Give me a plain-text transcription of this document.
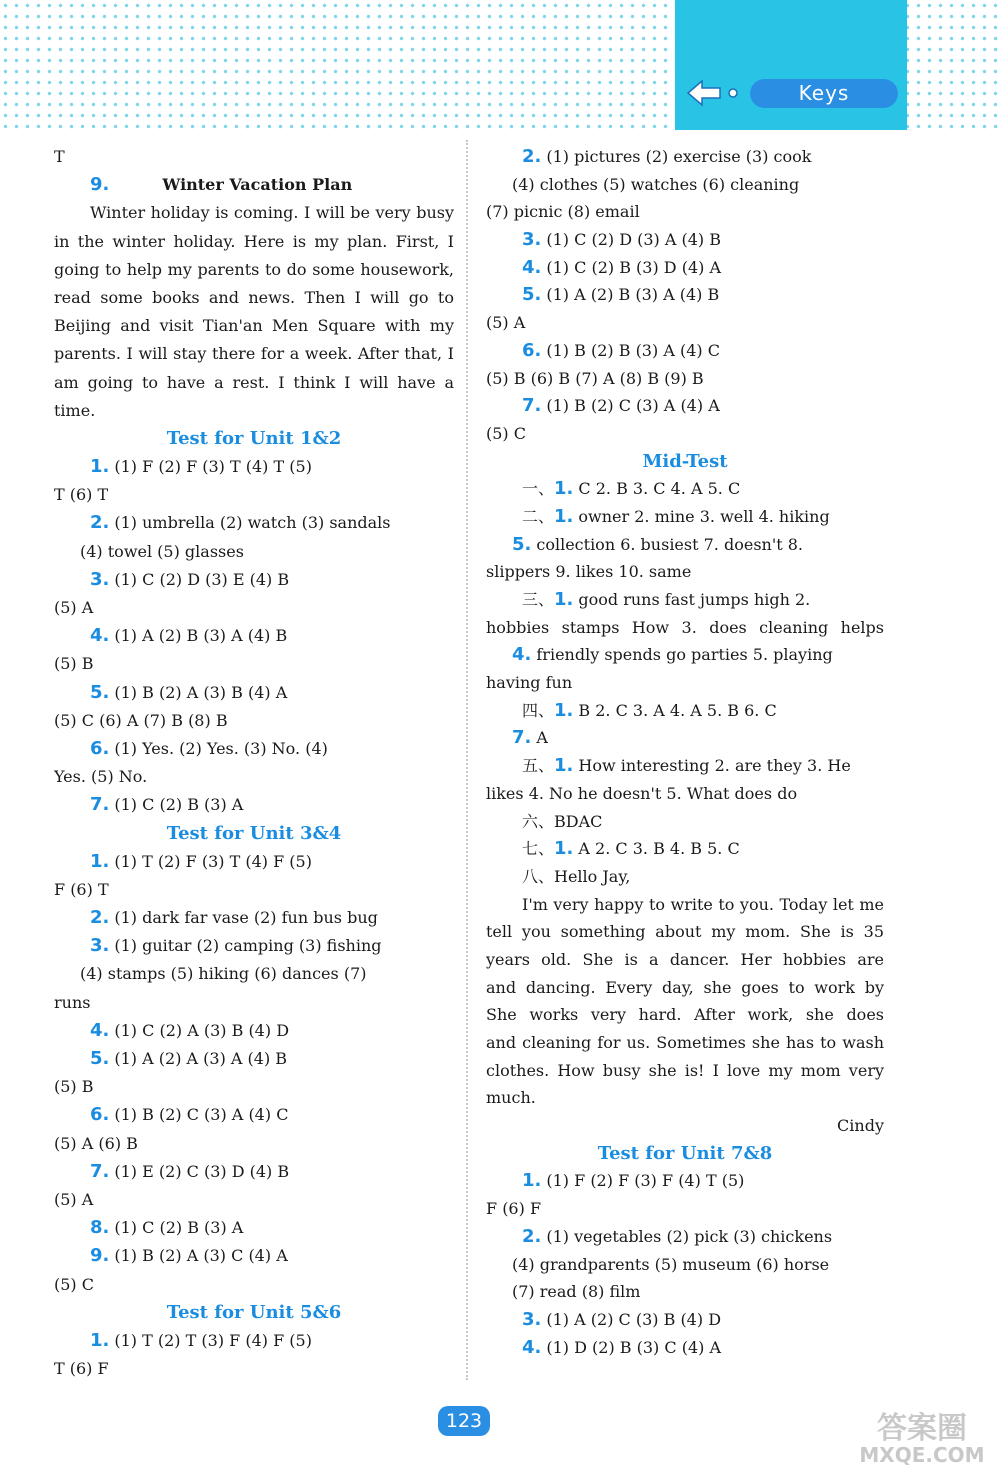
Keys
T
9.	Winter Vacation Plan
Winter holiday is coming. I will be very busy
in the winter holiday. Here is my plan. First, I
going to help my parents to do some housework,
read some books and news. Then I will go to
Beijing and visit Tian'an Men Square with my
parents. I will stay there for a week. After that, I
am going to have a rest. I think I will have a
time.
Test for Unit 1&2
1. (1) F (2) F (3) T (4) T (5)
T (6) T
2. (1) umbrella (2) watch (3) sandals
(4) towel (5) glasses
3. (1) C (2) D (3) E (4) B
(5) A
4. (1) A (2) B (3) A (4) B
(5) B
5. (1) B (2) A (3) B (4) A
(5) C (6) A (7) B (8) B
6. (1) Yes. (2) Yes. (3) No. (4)
Yes. (5) No.
7. (1) C (2) B (3) A
Test for Unit 3&4
1. (1) T (2) F (3) T (4) F (5)
F (6) T
2. (1) dark far vase (2) fun bus bug
3. (1) guitar (2) camping (3) fishing
(4) stamps (5) hiking (6) dances (7)
runs
4. (1) C (2) A (3) B (4) D
5. (1) A (2) A (3) A (4) B
(5) B
6. (1) B (2) C (3) A (4) C
(5) A (6) B
7. (1) E (2) C (3) D (4) B
(5) A
8. (1) C (2) B (3) A
9. (1) B (2) A (3) C (4) A
(5) C
Test for Unit 5&6
1. (1) T (2) T (3) F (4) F (5)
T (6) F
2. (1) pictures (2) exercise (3) cook
(4) clothes (5) watches (6) cleaning
(7) picnic (8) email
3. (1) C (2) D (3) A (4) B
4. (1) C (2) B (3) D (4) A
5. (1) A (2) B (3) A (4) B
(5) A
6. (1) B (2) B (3) A (4) C
(5) B (6) B (7) A (8) B (9) B
7. (1) B (2) C (3) A (4) A
(5) C
Mid-Test
一、1. C 2. B 3. C 4. A 5. C
二、1. owner 2. mine 3. well 4. hiking
5. collection 6. busiest 7. doesn't 8.
slippers 9. likes 10. same
三、1. good runs fast jumps high 2.
hobbies stamps How 3. does cleaning helps
4. friendly spends go parties 5. playing
having fun
四、1. B 2. C 3. A 4. A 5. B 6. C
7. A
五、1. How interesting 2. are they 3. He
likes 4. No he doesn't 5. What does do
六、BDAC
七、1. A 2. C 3. B 4. B 5. C
八、Hello Jay,
I'm very happy to write to you. Today let me
tell you something about my mom. She is 35
years old. She is a dancer. Her hobbies are
and dancing. Every day, she goes to work by
She works very hard. After work, she does
and cleaning for us. Sometimes she has to wash
clothes. How busy she is! I love my mom very
much.
Cindy
Test for Unit 7&8
1. (1) F (2) F (3) F (4) T (5)
F (6) F
2. (1) vegetables (2) pick (3) chickens
(4) grandparents (5) museum (6) horse
(7) read (8) film
3. (1) A (2) C (3) B (4) D
4. (1) D (2) B (3) C (4) A
123	答案圈
MXQE.COM
